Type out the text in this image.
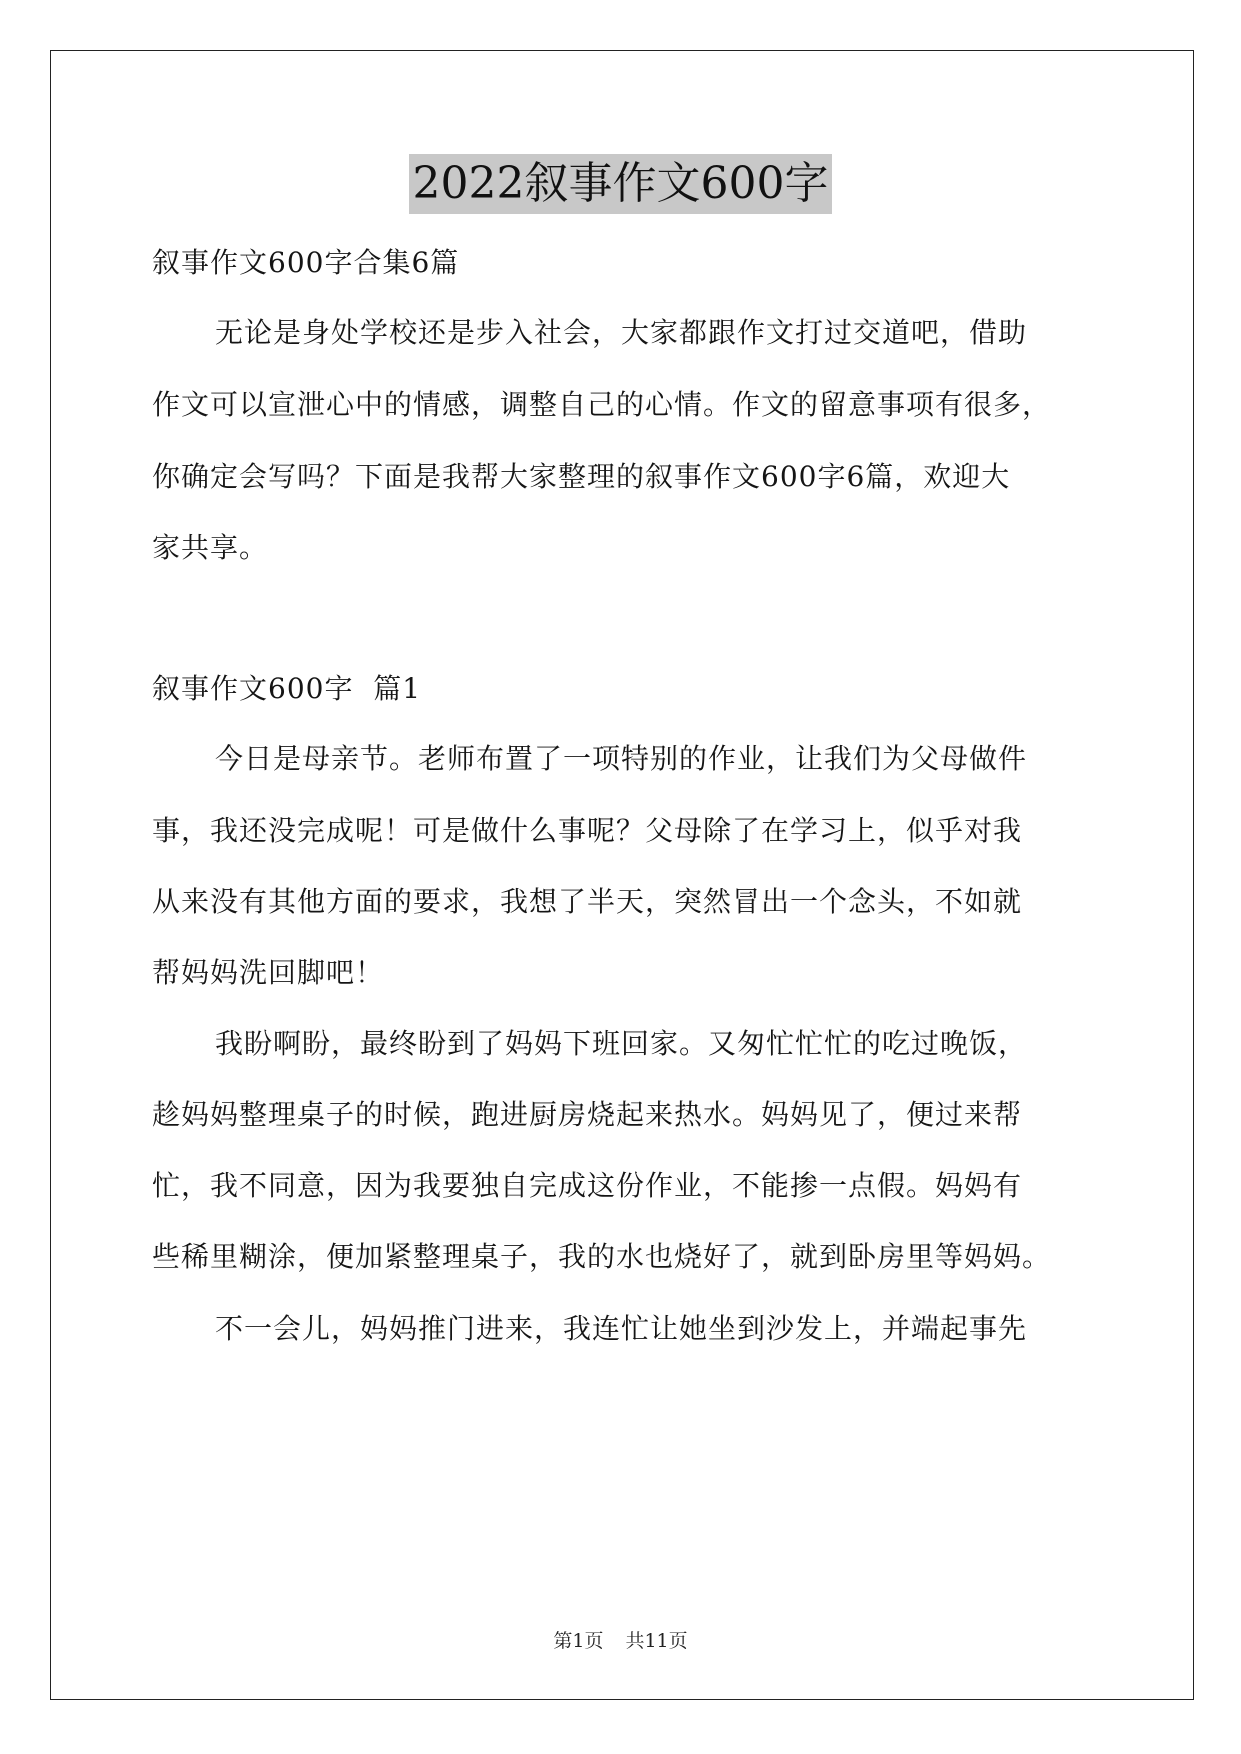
2022叙事作文600字
叙事作文600字合集6篇
无论是身处学校还是步入社会，大家都跟作文打过交道吧，借助
作文可以宣泄心中的情感，调整自己的心情。作文的留意事项有很多，
你确定会写吗？下面是我帮大家整理的叙事作文600字6篇，欢迎大
家共享。
叙事作文600字  篇1
今日是母亲节。老师布置了一项特别的作业，让我们为父母做件
事，我还没完成呢！可是做什么事呢？父母除了在学习上，似乎对我
从来没有其他方面的要求，我想了半天，突然冒出一个念头，不如就
帮妈妈洗回脚吧！
我盼啊盼，最终盼到了妈妈下班回家。又匆忙忙忙的吃过晚饭，
趁妈妈整理桌子的时候，跑进厨房烧起来热水。妈妈见了，便过来帮
忙，我不同意，因为我要独自完成这份作业，不能掺一点假。妈妈有
些稀里糊涂，便加紧整理桌子，我的水也烧好了，就到卧房里等妈妈。
不一会儿，妈妈推门进来，我连忙让她坐到沙发上，并端起事先
第1页 共11页
